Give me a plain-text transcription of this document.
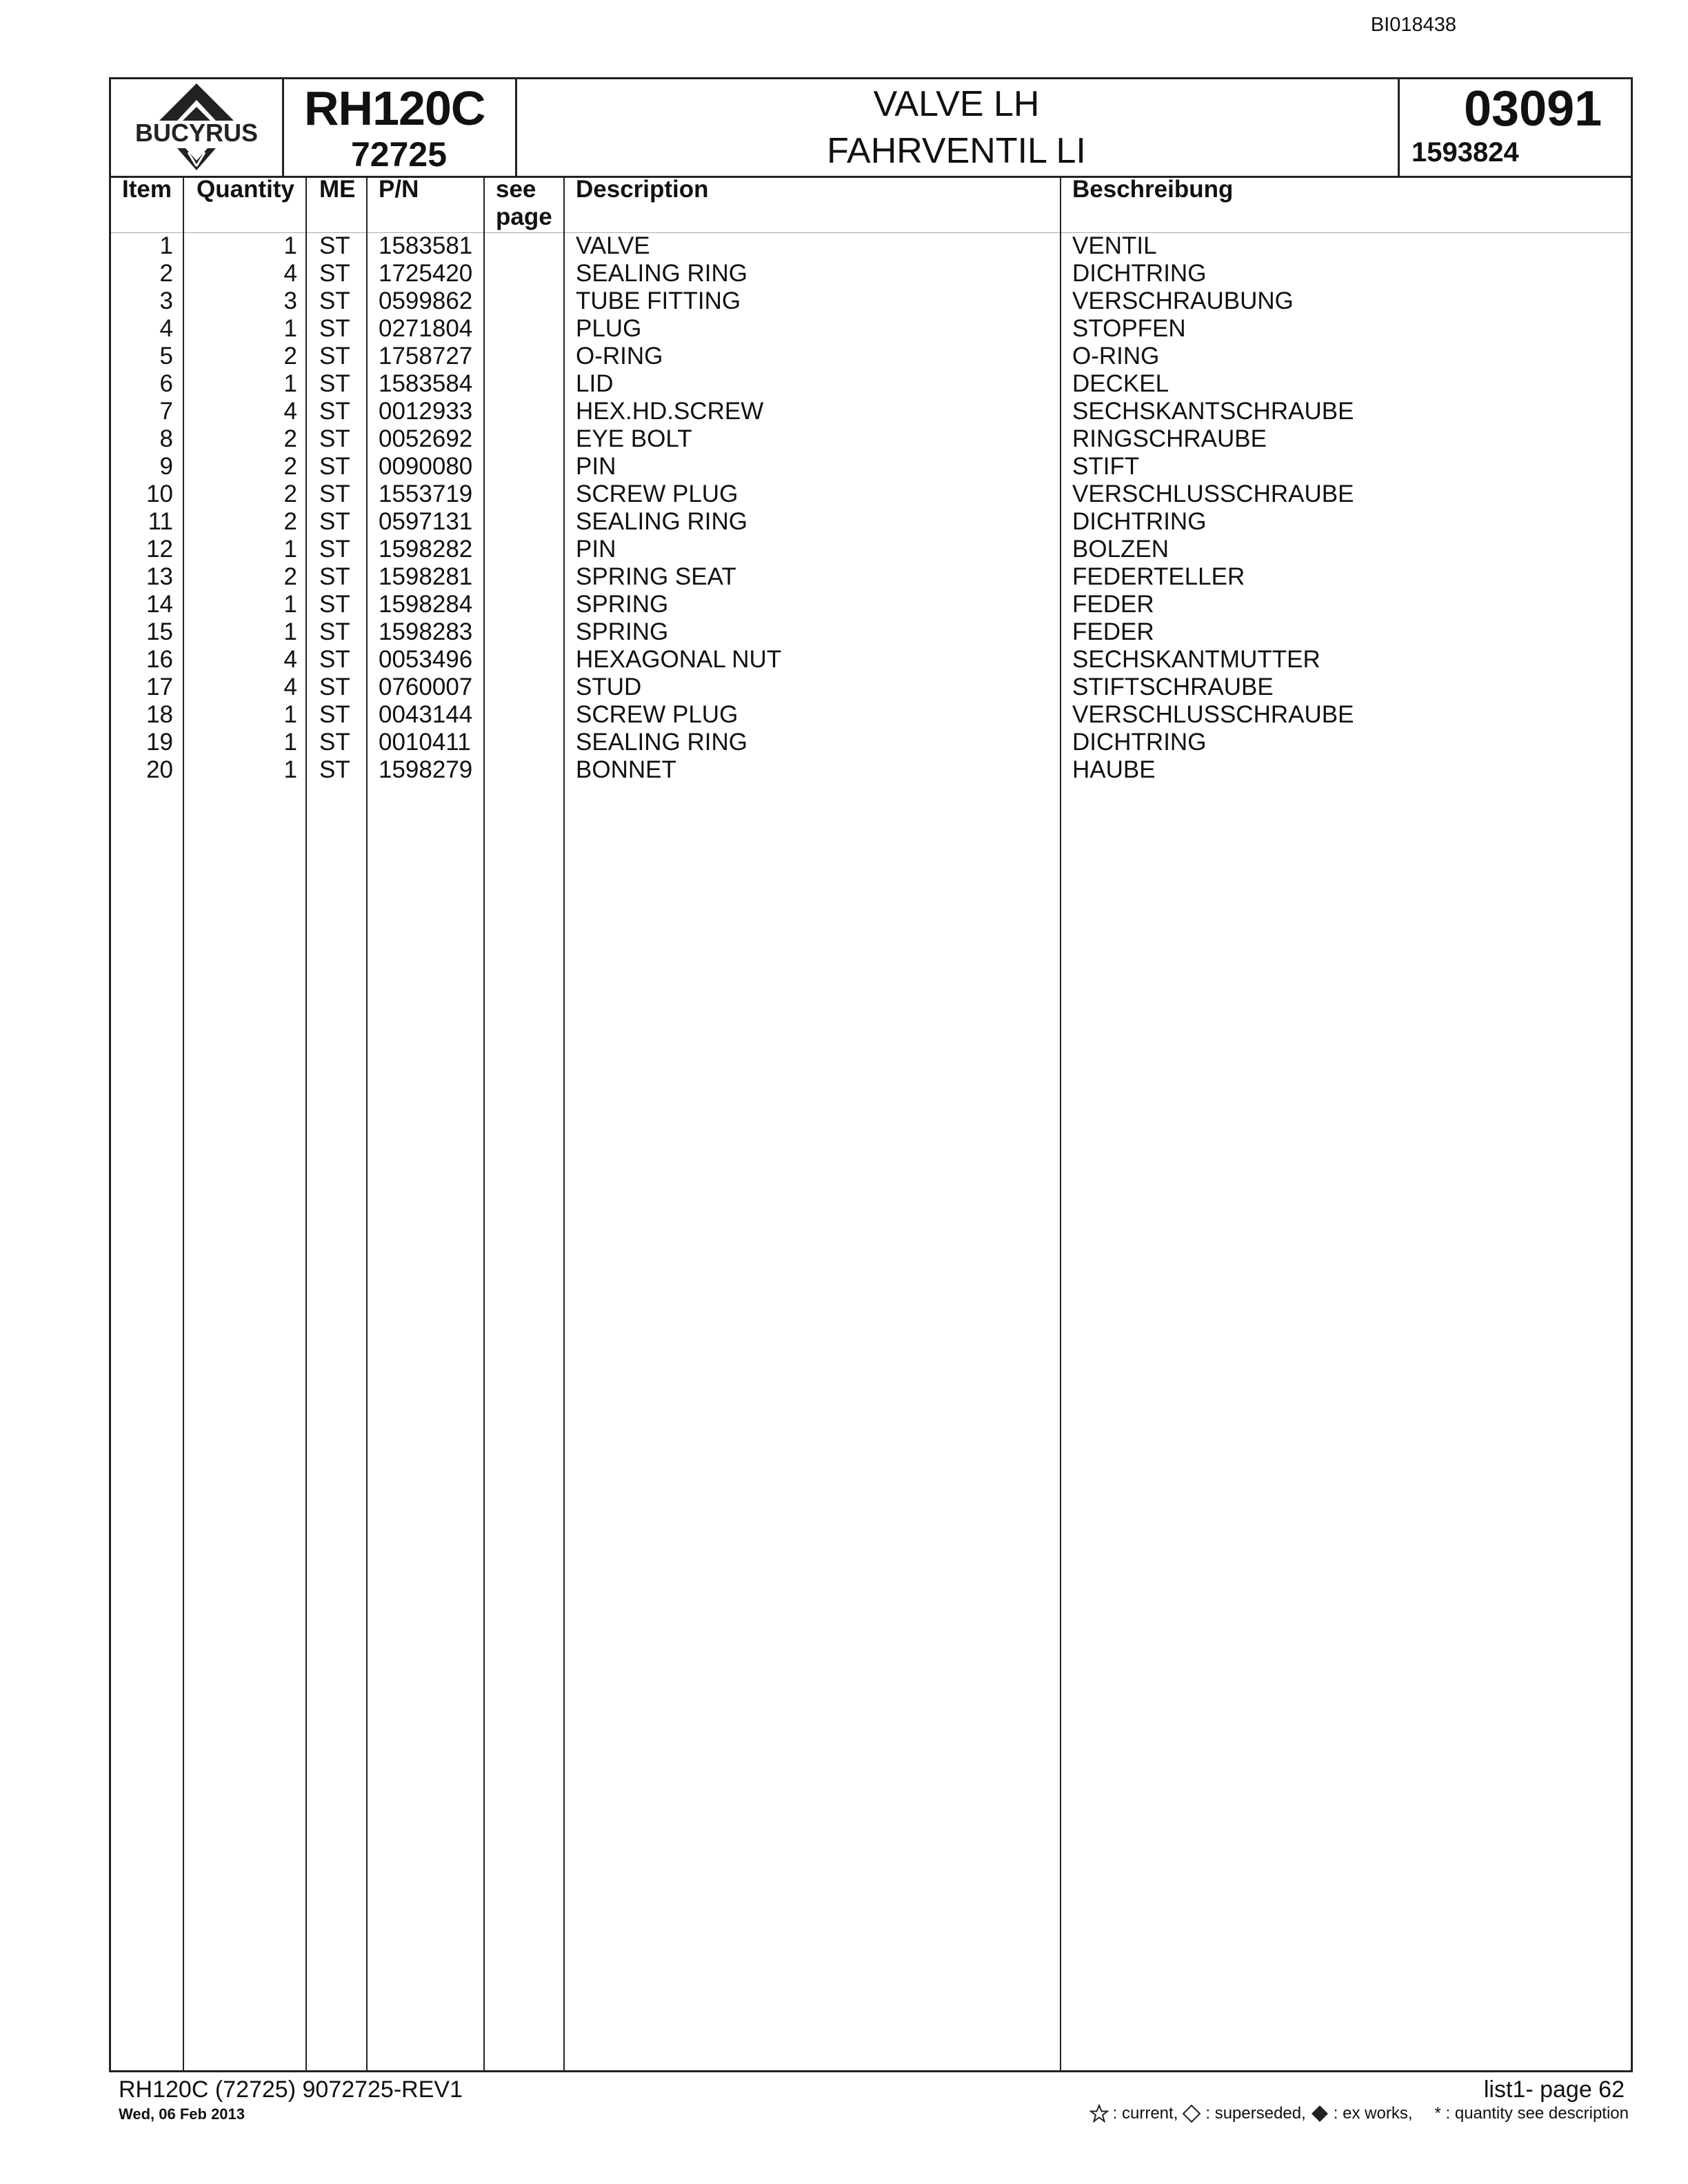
BI018438
BUCYRUS RH120C
72725
VALVE LH
FAHRVENTIL LI
03091
1593824
Item Quantity ME P/N	see
page
Description	Beschreibung
1	1 ST 1583581	VALVE	VENTIL
2	4 ST 1725420	SEALING RING	DICHTRING
3	3 ST 0599862	TUBE FITTING	VERSCHRAUBUNG
4	1 ST 0271804	PLUG	STOPFEN
5	2 ST 1758727	O-RING	O-RING
6	1 ST 1583584	LID	DECKEL
7	4 ST 0012933	HEX.HD.SCREW	SECHSKANTSCHRAUBE
8	2 ST 0052692	EYE BOLT	RINGSCHRAUBE
9	2 ST 0090080	PIN	STIFT
10	2 ST 1553719	SCREW PLUG	VERSCHLUSSCHRAUBE
11	2 ST 0597131	SEALING RING	DICHTRING
12	1 ST 1598282	PIN	BOLZEN
13	2 ST 1598281	SPRING SEAT	FEDERTELLER
14	1 ST 1598284	SPRING	FEDER
15	1 ST 1598283	SPRING	FEDER
16	4 ST 0053496	HEXAGONAL NUT	SECHSKANTMUTTER
17	4 ST 0760007	STUD	STIFTSCHRAUBE
18	1 ST 0043144	SCREW PLUG	VERSCHLUSSCHRAUBE
19	1 ST 0010411	SEALING RING	DICHTRING
20	1 ST 1598279	BONNET	HAUBE
RH120C (72725) 9072725-REV1
Wed, 06 Feb 2013
list1- page 62
: current, : superseded, : ex works, * : quantity see description
